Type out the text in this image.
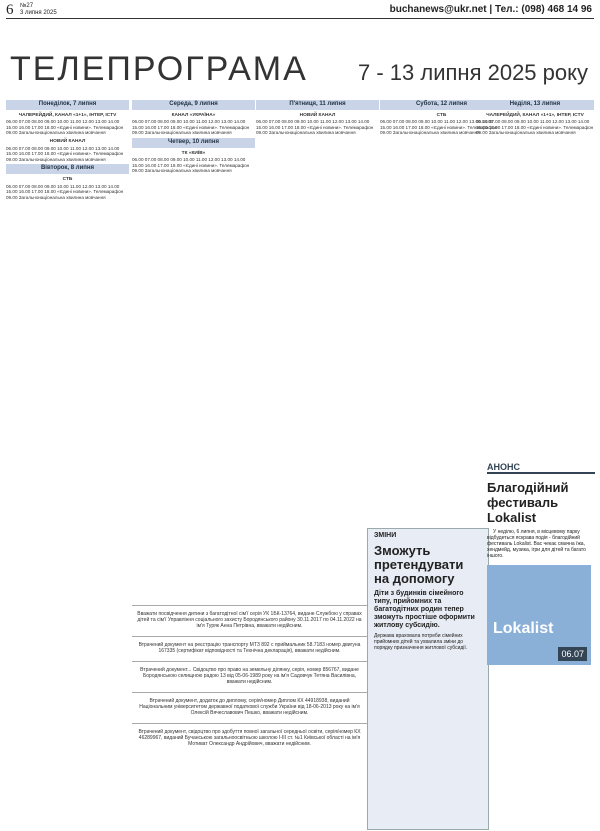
6 №27
3 липня 2025	buchanews@ukr.net | Тел.: (098) 468 14 96
ТЕЛЕПРОГРАМА 7 - 13 липня 2025 року
Понеділок, 7 липня
ЧАЛЕРЕЙДИЙ, КАНАЛ «1+1», ІНТЕР, ICTV
06.00 07.00 08.00 09.00 10.00 11.00 12.00 13.00 14.00 15.00 16.00 17.00 18.00 «Єдині новини». Телемарафон 09.00 Загальнонаціональна хвилина мовчання
НОВИЙ КАНАЛ
06.00 07.00 08.00 09.00 10.00 11.00 12.00 13.00 14.00 15.00 16.00 17.00 18.00 «Єдині новини». Телемарафон 09.00 Загальнонаціональна хвилина мовчання
Вівторок, 8 липня
СТБ
06.00 07.00 08.00 09.00 10.00 11.00 12.00 13.00 14.00 15.00 16.00 17.00 18.00 «Єдині новини». Телемарафон 09.00 Загальнонаціональна хвилина мовчання
Середа, 9 липня
КАНАЛ «УКРАЇНА»
06.00 07.00 08.00 09.00 10.00 11.00 12.00 13.00 14.00 15.00 16.00 17.00 18.00 «Єдині новини». Телемарафон 09.00 Загальнонаціональна хвилина мовчання
Четвер, 10 липня
ТК «КИЇВ»
06.00 07.00 08.00 09.00 10.00 11.00 12.00 13.00 14.00 15.00 16.00 17.00 18.00 «Єдині новини». Телемарафон 09.00 Загальнонаціональна хвилина мовчання
П'ятниця, 11 липня
НОВИЙ КАНАЛ
06.00 07.00 08.00 09.00 10.00 11.00 12.00 13.00 14.00 15.00 16.00 17.00 18.00 «Єдині новини». Телемарафон 09.00 Загальнонаціональна хвилина мовчання
Субота, 12 липня
СТБ
06.00 07.00 08.00 09.00 10.00 11.00 12.00 13.00 14.00 15.00 16.00 17.00 18.00 «Єдині новини». Телемарафон 09.00 Загальнонаціональна хвилина мовчання
Неділя, 13 липня
ЧАЛЕРЕЙДИЙ, КАНАЛ «1+1», ІНТЕР, ICTV
06.00 07.00 08.00 09.00 10.00 11.00 12.00 13.00 14.00 15.00 16.00 17.00 18.00 «Єдині новини». Телемарафон 09.00 Загальнонаціональна хвилина мовчання
Вважати посвідчення дитини з багатодітної сім'ї серія УК 1БК-13764, видане Службою у справах дітей та сім'ї Управління соціального захисту Бородянського району 30.11.2017 по 04.11.2022 на ім'я Туряк Анна Петрівна, вважати недійсним.
Втрачений документ на реєстрацію транспорту МТЗ 892 с приймальник 58.7183 номер двигуна 167335 (сертифікат відповідності та Технічна декларація), вважати недійсним.
Втрачений документ... Свідоцтво про право на земельну ділянку, серія, номер 856767, видане Бородянською селищною радою 13 від 05-06-1989 року на ім'я Садовчук Тетяна Василівна, вважати недійсним.
Втрачений документ, додаток до диплому, серія/номер Диплом КХ 44918938, виданий Національним університетом державної податкової служби України від 18-06-2013 року на ім'я Олексій Вячеславович Пешко, вважати недійсним.
Втрачений документ, свідоцтво про здобуття повної загальної середньої освіти, серія/номер КХ 46289967, виданий Бучанською загальноосвітньою школою I-III ст. №1 Київської області на ім'я Мотиват Олександр Андрійович, вважати недійсним.
ЗМІНИ
Зможуть претендувати на допомогу
Діти з будинків сімейного типу, прийомних та багатодітних родин тепер зможуть простіше оформити житлову субсидію.

Держава враховала потреби сімейних прийомних дітей та ухвалила зміни до порядку призначення житлової субсидії.

АНОНС
Благодійний фестиваль Lokalist

У неділю, 6 липня, в місцевому парку відбудеться яскрава подія - благодійний фестиваль Lokalist. Вас чекає смачна їжа, хендмейд, музика, ігри для дітей та багато іншого.

Lokalist
06.07
